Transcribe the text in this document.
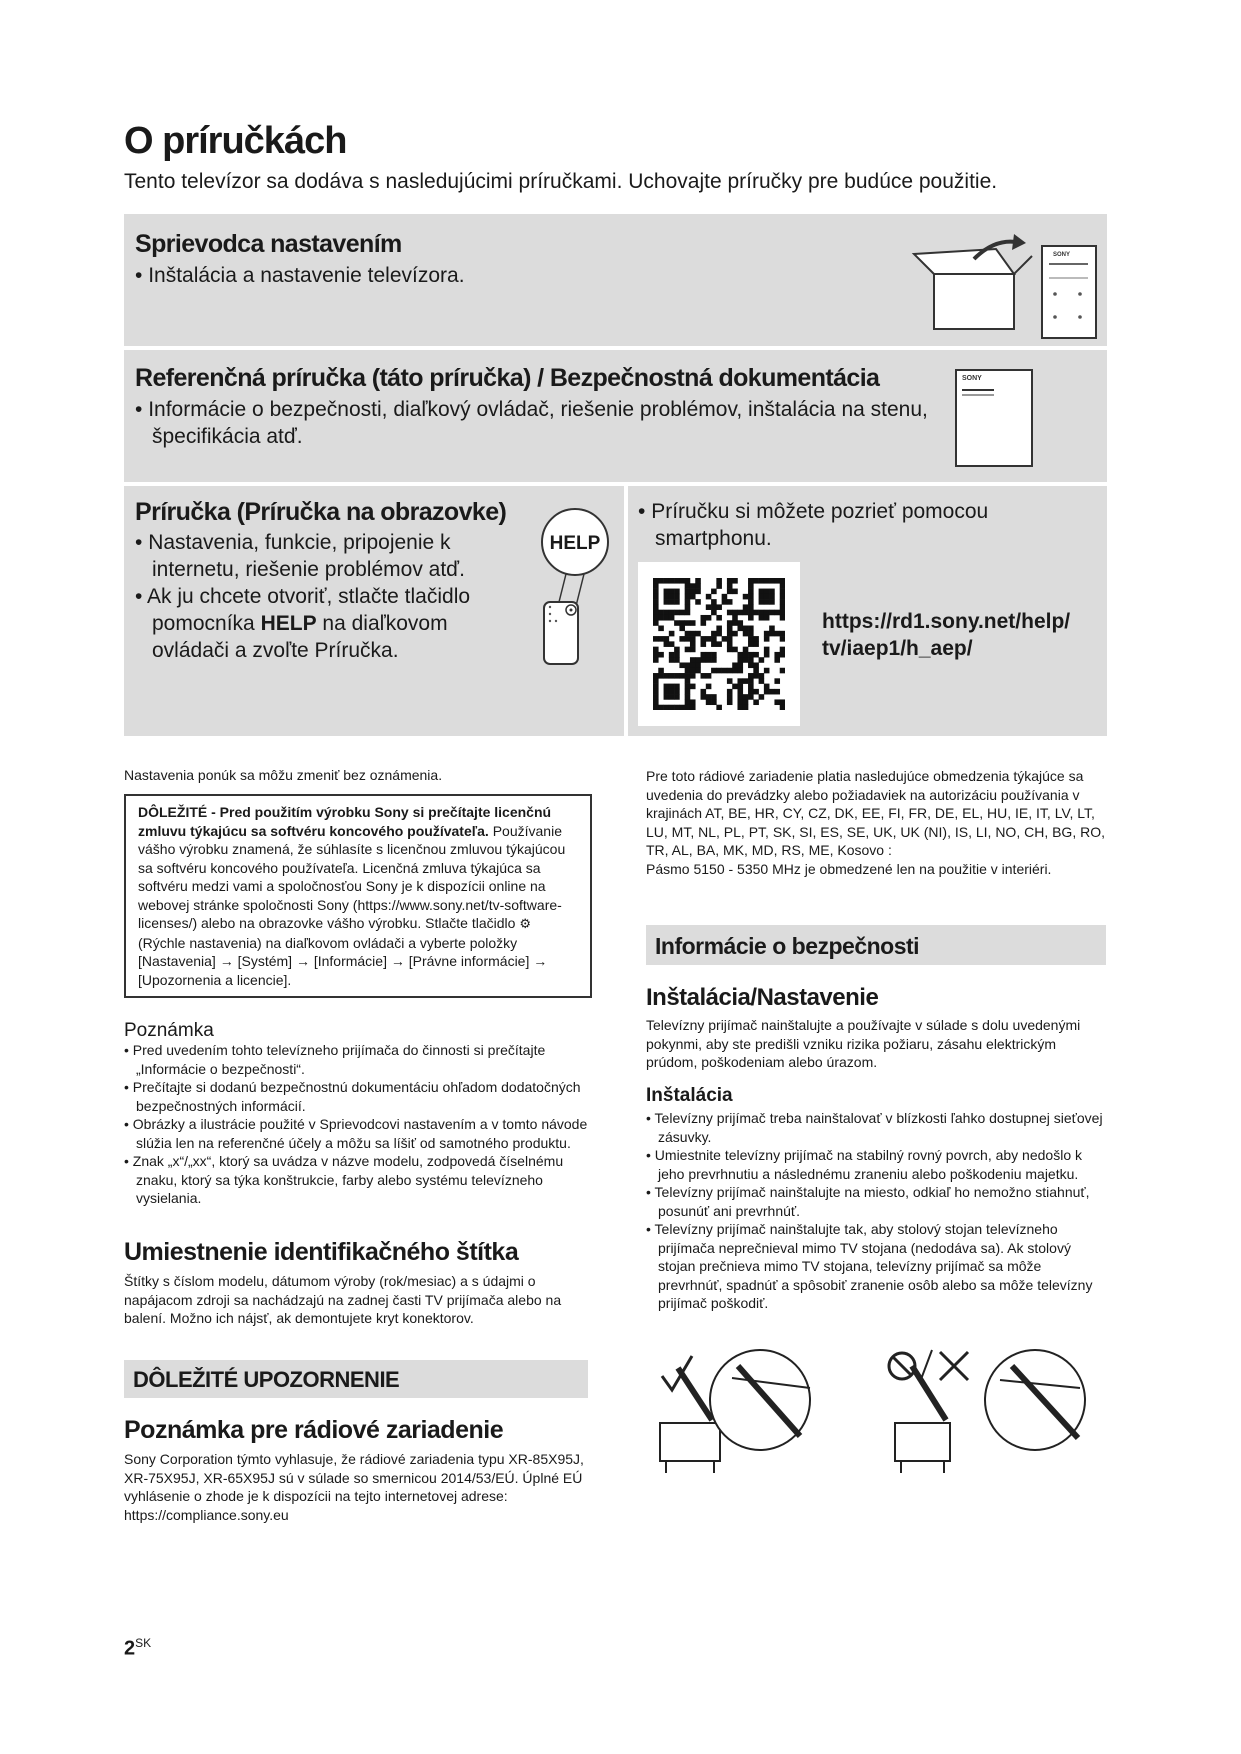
O príručkách
Tento televízor sa dodáva s nasledujúcimi príručkami. Uchovajte príručky pre budúce použitie.
Sprievodca nastavením
• Inštalácia a nastavenie televízora.
SONY
Referenčná príručka (táto príručka) / Bezpečnostná dokumentácia
• Informácie o bezpečnosti, diaľkový ovládač, riešenie problémov, inštalácia na stenu, špecifikácia atď.
SONY
Príručka (Príručka na obrazovke)

• Nastavenia, funkcie, pripojenie k internetu, riešenie problémov atď.

• Ak ju chcete otvoriť, stlačte tlačidlo pomocníka HELP na diaľkovom ovládači a zvoľte Príručka.

HELP
• Príručku si môžete pozrieť pomocou smartphonu.
https://rd1.sony.net/help/
tv/iaep1/h_aep/
Nastavenia ponúk sa môžu zmeniť bez oznámenia.
DÔLEŽITÉ - Pred použitím výrobku Sony si prečítajte licenčnú zmluvu týkajúcu sa softvéru koncového používateľa. Používanie vášho výrobku znamená, že súhlasíte s licenčnou zmluvou týkajúcou sa softvéru koncového používateľa. Licenčná zmluva týkajúca sa softvéru medzi vami a spoločnosťou Sony je k dispozícii online na webovej stránke spoločnosti Sony (https://www.sony.net/tv-software-licenses/) alebo na obrazovke vášho výrobku. Stlačte tlačidlo ⚙ (Rýchle nastavenia) na diaľkovom ovládači a vyberte položky [Nastavenia] → [Systém] → [Informácie] → [Právne informácie] → [Upozornenia a licencie].
Poznámka

• Pred uvedením tohto televízneho prijímača do činnosti si prečítajte „Informácie o bezpečnosti“.

• Prečítajte si dodanú bezpečnostnú dokumentáciu ohľadom dodatočných bezpečnostných informácií.

• Obrázky a ilustrácie použité v Sprievodcovi nastavením a v tomto návode slúžia len na referenčné účely a môžu sa líšiť od samotného produktu.

• Znak „x“/„xx“, ktorý sa uvádza v názve modelu, zodpovedá číselnému znaku, ktorý sa týka konštrukcie, farby alebo systému televízneho vysielania.

Umiestnenie identifikačného štítka
Štítky s číslom modelu, dátumom výroby (rok/mesiac) a s údajmi o napájacom zdroji sa nachádzajú na zadnej časti TV prijímača alebo na balení. Možno ich nájsť, ak demontujete kryt konektorov.
DÔLEŽITÉ UPOZORNENIE
Poznámka pre rádiové zariadenie
Sony Corporation týmto vyhlasuje, že rádiové zariadenia typu XR-85X95J, XR-75X95J, XR-65X95J sú v súlade so smernicou 2014/53/EÚ. Úplné EÚ vyhlásenie o zhode je k dispozícii na tejto internetovej adrese:
https://compliance.sony.eu
Pre toto rádiové zariadenie platia nasledujúce obmedzenia týkajúce sa uvedenia do prevádzky alebo požiadaviek na autorizáciu používania v krajinách AT, BE, HR, CY, CZ, DK, EE, FI, FR, DE, EL, HU, IE, IT, LV, LT, LU, MT, NL, PL, PT, SK, SI, ES, SE, UK, UK (NI), IS, LI, NO, CH, BG, RO, TR, AL, BA, MK, MD, RS, ME, Kosovo :
Pásmo 5150 - 5350 MHz je obmedzené len na použitie v interiéri.
Informácie o bezpečnosti
Inštalácia/Nastavenie
Televízny prijímač nainštalujte a používajte v súlade s dolu uvedenými pokynmi, aby ste predišli vzniku rizika požiaru, zásahu elektrickým prúdom, poškodeniam alebo úrazom.
Inštalácia

• Televízny prijímač treba nainštalovať v blízkosti ľahko dostupnej sieťovej zásuvky.

• Umiestnite televízny prijímač na stabilný rovný povrch, aby nedošlo k jeho prevrhnutiu a následnému zraneniu alebo poškodeniu majetku.

• Televízny prijímač nainštalujte na miesto, odkiaľ ho nemožno stiahnuť, posunúť ani prevrhnúť.

• Televízny prijímač nainštalujte tak, aby stolový stojan televízneho prijímača neprečnieval mimo TV stojana (nedodáva sa). Ak stolový stojan prečnieva mimo TV stojana, televízny prijímač sa môže prevrhnúť, spadnúť a spôsobiť zranenie osôb alebo sa môže televízny prijímač poškodiť.

$2^{SK}$
